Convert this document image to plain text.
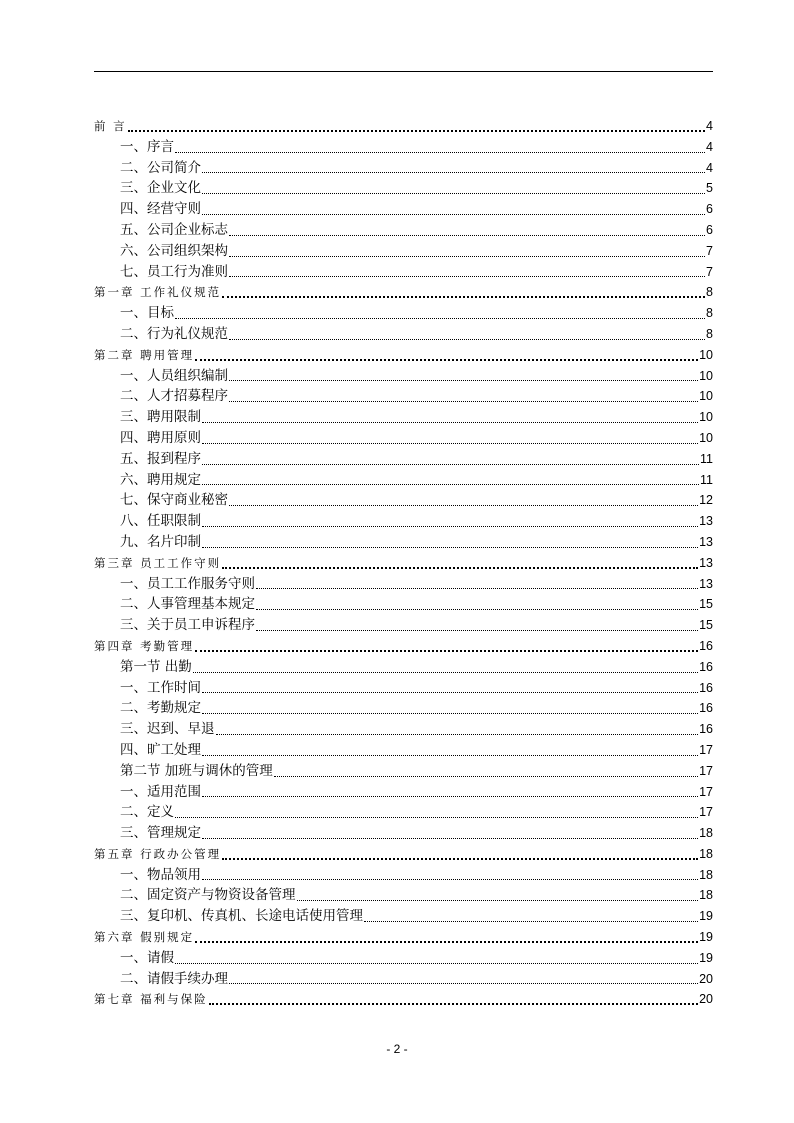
前 言	4
一、序言	4
二、公司简介	4
三、企业文化	5
四、经营守则	6
五、公司企业标志	6
六、公司组织架构	7
七、员工行为准则	7
第一章 工作礼仪规范	8
一、目标	8
二、行为礼仪规范	8
第二章 聘用管理	10
一、人员组织编制	10
二、人才招募程序	10
三、聘用限制	10
四、聘用原则	10
五、报到程序	11
六、聘用规定	11
七、保守商业秘密	12
八、任职限制	13
九、名片印制	13
第三章 员工工作守则	13
一、员工工作服务守则	13
二、人事管理基本规定	15
三、关于员工申诉程序	15
第四章 考勤管理	16
第一节 出勤	16
一、工作时间	16
二、考勤规定	16
三、迟到、早退	16
四、旷工处理	17
第二节 加班与调休的管理	17
一、适用范围	17
二、定义	17
三、管理规定	18
第五章 行政办公管理	18
一、物品领用	18
二、固定资产与物资设备管理	18
三、复印机、传真机、长途电话使用管理	19
第六章 假别规定	19
一、请假	19
二、请假手续办理	20
第七章 福利与保险	20
- 2 -
